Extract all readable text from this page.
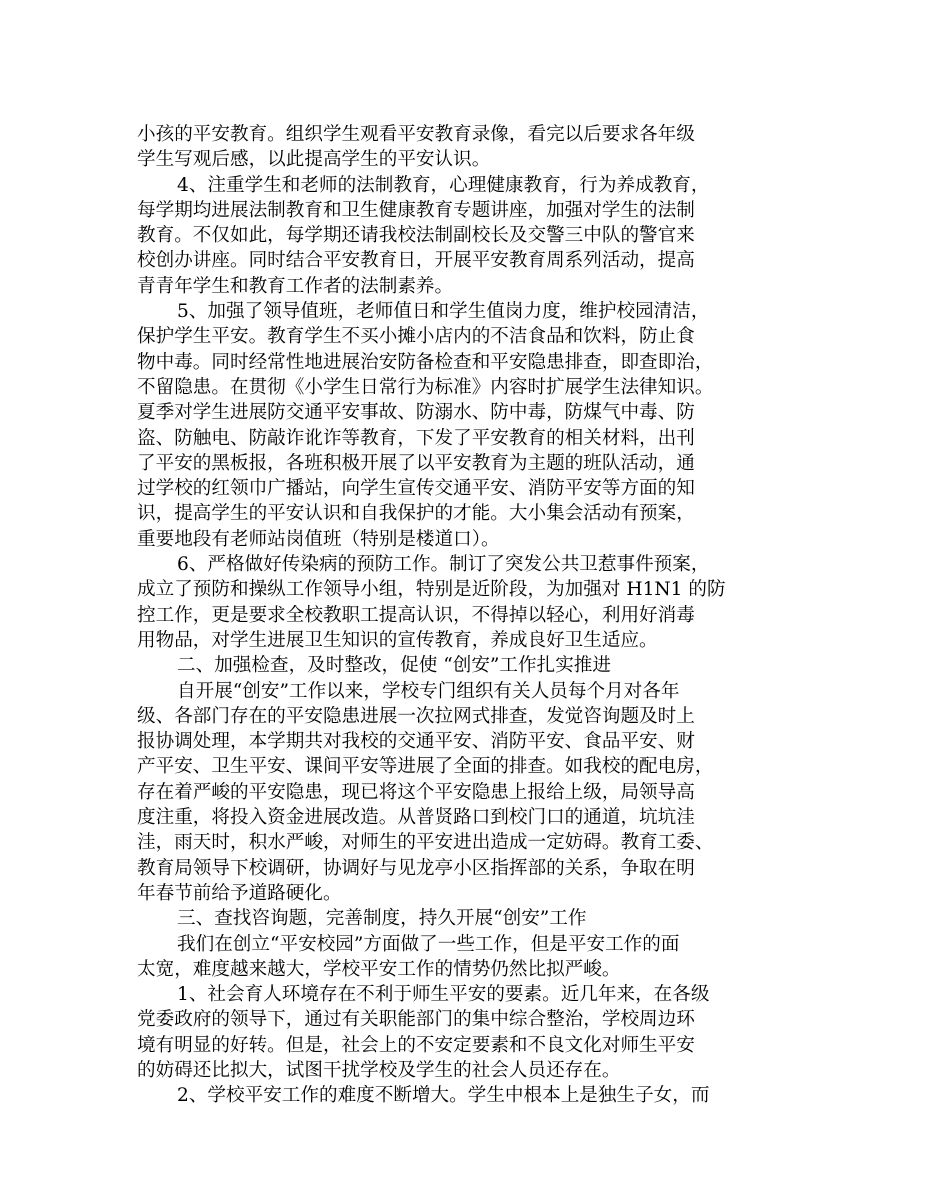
小孩的平安教育。组织学生观看平安教育录像，看完以后要求各年级
学生写观后感，以此提高学生的平安认识。
4、注重学生和老师的法制教育，心理健康教育，行为养成教育，
每学期均进展法制教育和卫生健康教育专题讲座，加强对学生的法制
教育。不仅如此，每学期还请我校法制副校长及交警三中队的警官来
校创办讲座。同时结合平安教育日，开展平安教育周系列活动，提高
青青年学生和教育工作者的法制素养。
5、加强了领导值班，老师值日和学生值岗力度，维护校园清洁，
保护学生平安。教育学生不买小摊小店内的不洁食品和饮料，防止食
物中毒。同时经常性地进展治安防备检查和平安隐患排查，即查即治，
不留隐患。在贯彻《小学生日常行为标准》内容时扩展学生法律知识。
夏季对学生进展防交通平安事故、防溺水、防中毒，防煤气中毒、防
盗、防触电、防敲诈讹诈等教育，下发了平安教育的相关材料，出刊
了平安的黑板报，各班积极开展了以平安教育为主题的班队活动，通
过学校的红领巾广播站，向学生宣传交通平安、消防平安等方面的知
识，提高学生的平安认识和自我保护的才能。大小集会活动有预案，
重要地段有老师站岗值班（特别是楼道口）。
6、严格做好传染病的预防工作。制订了突发公共卫惹事件预案，
成立了预防和操纵工作领导小组，特别是近阶段，为加强对 H1N1 的防
控工作，更是要求全校教职工提高认识，不得掉以轻心，利用好消毒
用物品，对学生进展卫生知识的宣传教育，养成良好卫生适应。
二、加强检查，及时整改，促使 “创安”工作扎实推进
自开展“创安”工作以来，学校专门组织有关人员每个月对各年
级、各部门存在的平安隐患进展一次拉网式排查，发觉咨询题及时上
报协调处理，本学期共对我校的交通平安、消防平安、食品平安、财
产平安、卫生平安、课间平安等进展了全面的排查。如我校的配电房，
存在着严峻的平安隐患，现已将这个平安隐患上报给上级，局领导高
度注重，将投入资金进展改造。从普贤路口到校门口的通道，坑坑洼
洼，雨天时，积水严峻，对师生的平安进出造成一定妨碍。教育工委、
教育局领导下校调研，协调好与见龙亭小区指挥部的关系，争取在明
年春节前给予道路硬化。
三、查找咨询题，完善制度，持久开展“创安”工作
我们在创立“平安校园”方面做了一些工作，但是平安工作的面
太宽，难度越来越大，学校平安工作的情势仍然比拟严峻。
1、社会育人环境存在不利于师生平安的要素。近几年来，在各级
党委政府的领导下，通过有关职能部门的集中综合整治，学校周边环
境有明显的好转。但是，社会上的不安定要素和不良文化对师生平安
的妨碍还比拟大，试图干扰学校及学生的社会人员还存在。
2、学校平安工作的难度不断增大。学生中根本上是独生子女，而
